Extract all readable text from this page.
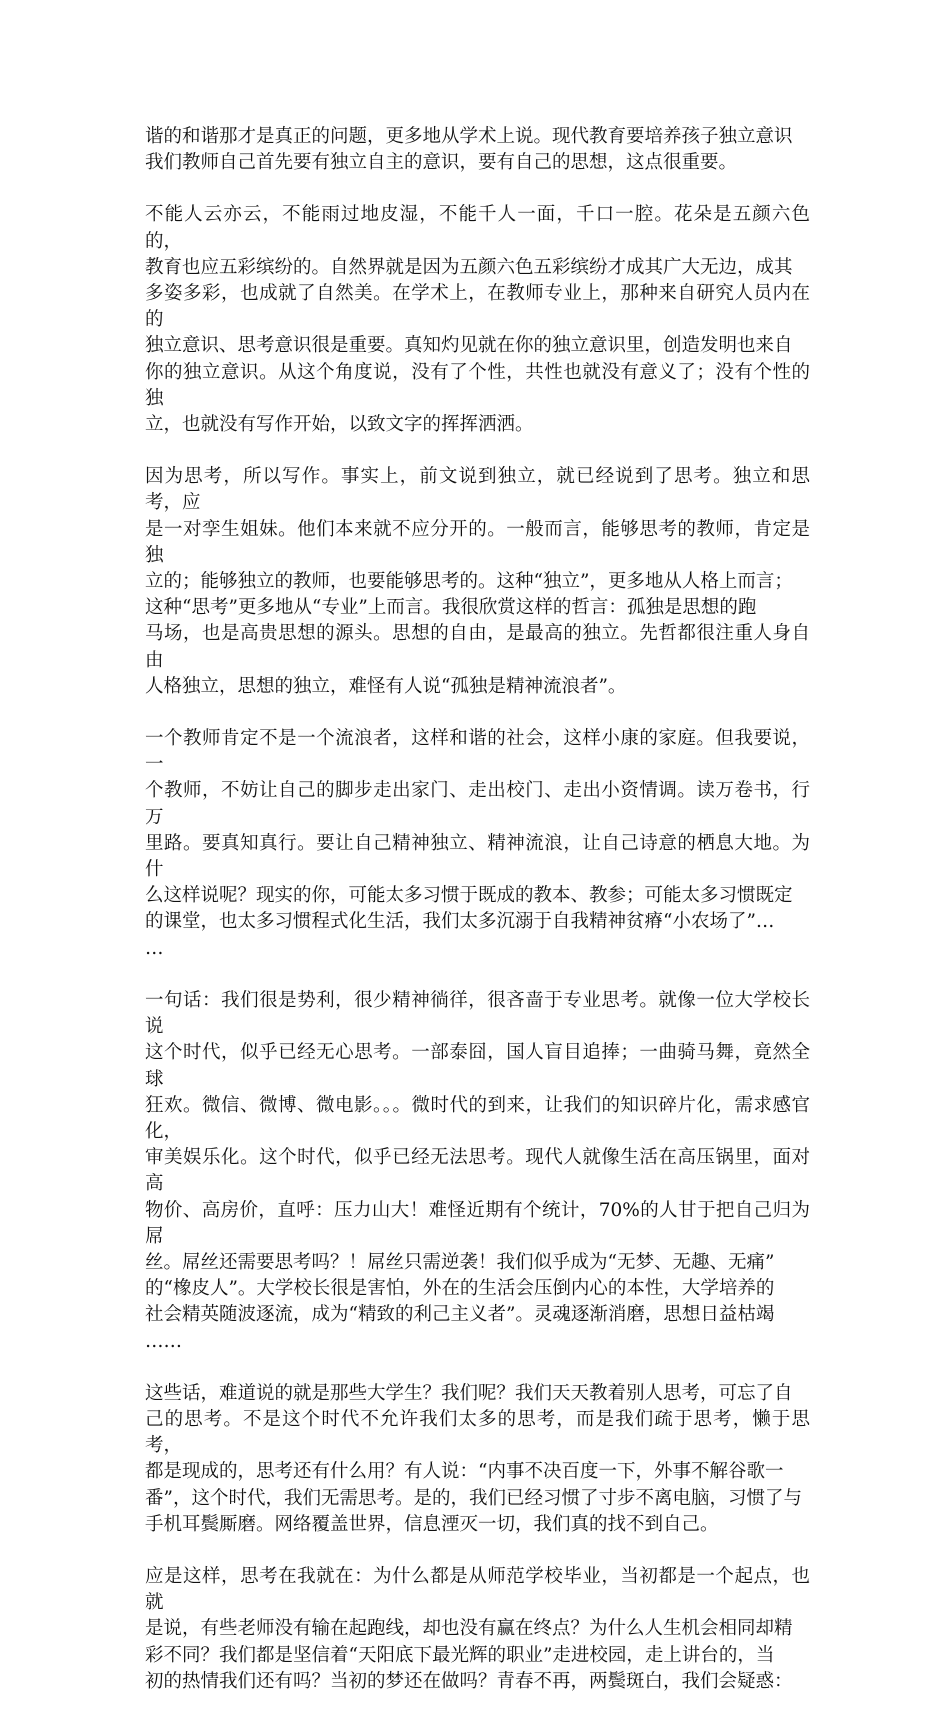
谐的和谐那才是真正的问题，更多地从学术上说。现代教育要培养孩子独立意识
我们教师自己首先要有独立自主的意识，要有自己的思想，这点很重要。

不能人云亦云，不能雨过地皮湿，不能千人一面，千口一腔。花朵是五颜六色的，
教育也应五彩缤纷的。自然界就是因为五颜六色五彩缤纷才成其广大无边，成其
多姿多彩，也成就了自然美。在学术上，在教师专业上，那种来自研究人员内在的
独立意识、思考意识很是重要。真知灼见就在你的独立意识里，创造发明也来自
你的独立意识。从这个角度说，没有了个性，共性也就没有意义了；没有个性的独
立，也就没有写作开始，以致文字的挥挥洒洒。

因为思考，所以写作。事实上，前文说到独立，就已经说到了思考。独立和思考，应
是一对孪生姐妹。他们本来就不应分开的。一般而言，能够思考的教师，肯定是独
立的；能够独立的教师，也要能够思考的。这种“独立”，更多地从人格上而言；
这种“思考”更多地从“专业”上而言。我很欣赏这样的哲言：孤独是思想的跑
马场，也是高贵思想的源头。思想的自由，是最高的独立。先哲都很注重人身自由
人格独立，思想的独立，难怪有人说“孤独是精神流浪者”。

一个教师肯定不是一个流浪者，这样和谐的社会，这样小康的家庭。但我要说，一
个教师，不妨让自己的脚步走出家门、走出校门、走出小资情调。读万卷书，行万
里路。要真知真行。要让自己精神独立、精神流浪，让自己诗意的栖息大地。为什
么这样说呢？现实的你，可能太多习惯于既成的教本、教参；可能太多习惯既定
的课堂，也太多习惯程式化生活，我们太多沉溺于自我精神贫瘠“小农场了”…
…

一句话：我们很是势利，很少精神徜徉，很吝啬于专业思考。就像一位大学校长说
这个时代，似乎已经无心思考。一部泰囧，国人盲目追捧；一曲骑马舞，竟然全球
狂欢。微信、微博、微电影。。。微时代的到来，让我们的知识碎片化，需求感官化，
审美娱乐化。这个时代，似乎已经无法思考。现代人就像生活在高压锅里，面对高
物价、高房价，直呼：压力山大！难怪近期有个统计，70%的人甘于把自己归为屌
丝。屌丝还需要思考吗？！屌丝只需逆袭！我们似乎成为“无梦、无趣、无痛”
的“橡皮人”。大学校长很是害怕，外在的生活会压倒内心的本性，大学培养的
社会精英随波逐流，成为“精致的利己主义者”。灵魂逐渐消磨，思想日益枯竭
……

这些话，难道说的就是那些大学生？我们呢？我们天天教着别人思考，可忘了自
己的思考。不是这个时代不允许我们太多的思考，而是我们疏于思考，懒于思考，
都是现成的，思考还有什么用？有人说：“内事不决百度一下，外事不解谷歌一
番”，这个时代，我们无需思考。是的，我们已经习惯了寸步不离电脑，习惯了与
手机耳鬓厮磨。网络覆盖世界，信息湮灭一切，我们真的找不到自己。

应是这样，思考在我就在：为什么都是从师范学校毕业，当初都是一个起点，也就
是说，有些老师没有输在起跑线，却也没有赢在终点？为什么人生机会相同却精
彩不同？我们都是坚信着“天阳底下最光辉的职业”走进校园，走上讲台的，当
初的热情我们还有吗？当初的梦还在做吗？青春不再，两鬓斑白，我们会疑惑：
